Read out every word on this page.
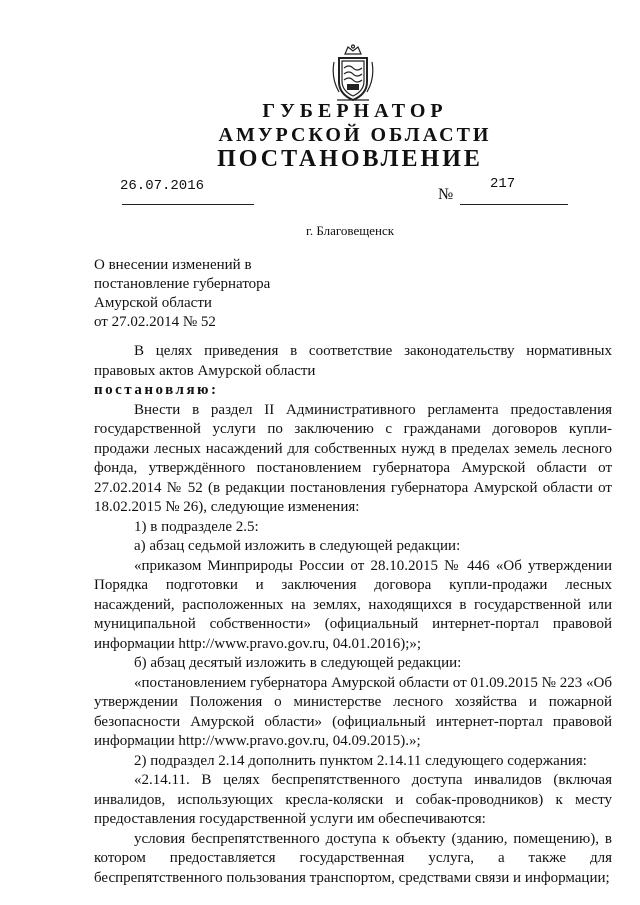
ГУБЕРНАТОР
АМУРСКОЙ ОБЛАСТИ
ПОСТАНОВЛЕНИЕ
26.07.2016	№
217
г. Благовещенск
О внесении изменений в
постановление губернатора
Амурской области
от 27.02.2014 № 52

В целях приведения в соответствие законодательству нормативных правовых актов Амурской области

постановляю:

Внести в раздел II Административного регламента предоставления государственной услуги по заключению с гражданами договоров купли-продажи лесных насаждений для собственных нужд в пределах земель лесного фонда, утверждённого постановлением губернатора Амурской области от 27.02.2014 № 52 (в редакции постановления губернатора Амурской области от 18.02.2015 № 26), следующие изменения:

1) в подразделе 2.5:

а) абзац седьмой изложить в следующей редакции:

«приказом Минприроды России от 28.10.2015 № 446 «Об утверждении Порядка подготовки и заключения договора купли-продажи лесных насаждений, расположенных на землях, находящихся в государственной или муниципальной собственности» (официальный интернет-портал правовой информации http://www.pravo.gov.ru, 04.01.2016);»;

б) абзац десятый изложить в следующей редакции:

«постановлением губернатора Амурской области от 01.09.2015 № 223 «Об утверждении Положения о министерстве лесного хозяйства и пожарной безопасности Амурской области» (официальный интернет-портал правовой информации http://www.pravo.gov.ru, 04.09.2015).»;

2) подраздел 2.14 дополнить пунктом 2.14.11 следующего содержания:

«2.14.11. В целях беспрепятственного доступа инвалидов (включая инвалидов, использующих кресла-коляски и собак-проводников) к месту предоставления государственной услуги им обеспечиваются:

условия беспрепятственного доступа к объекту (зданию, помещению), в котором предоставляется государственная услуга, а также для беспрепятственного пользования транспортом, средствами связи и информации;
